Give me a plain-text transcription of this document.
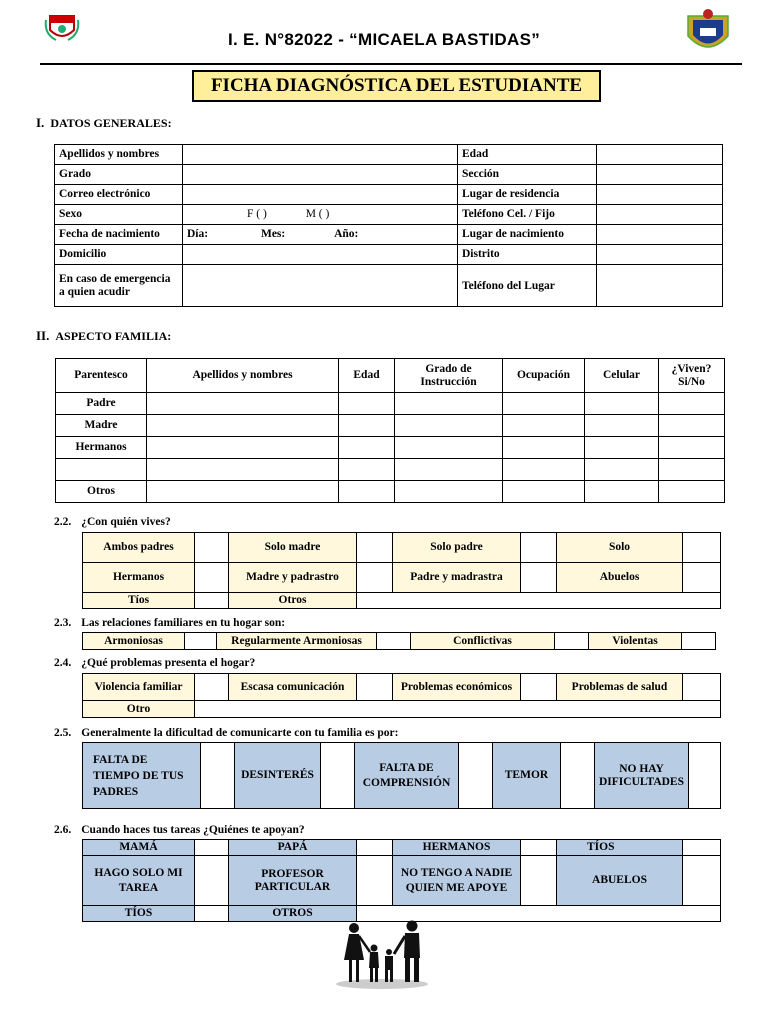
I. E. N°82022 - “MICAELA BASTIDAS”
FICHA DIAGNÓSTICA DEL ESTUDIANTE
I. DATOS GENERALES:
Apellidos y nombres		Edad	
Grado		Sección	
Correo electrónico		Lugar de residencia	
Sexo	F ( ) M ( )	Teléfono Cel. / Fijo	
Fecha de nacimiento	Día: Mes: Año:	Lugar de nacimiento	
Domicilio		Distrito	
En caso de emergencia a quien acudir		Teléfono del Lugar	
II. ASPECTO FAMILIA:
Parentesco	Apellidos y nombres	Edad	Grado de Instrucción	Ocupación	Celular	¿Viven? Si/No
Padre						
Madre						
Hermanos						

Otros						
2.2. ¿Con quién vives?
Ambos padres		Solo madre		Solo padre		Solo	
Hermanos		Madre y padrastro		Padre y madrastra		Abuelos	
Tíos		Otros					
2.3. Las relaciones familiares en tu hogar son:
Armoniosas		Regularmente Armoniosas		Conflictivas		Violentas	
2.4. ¿Qué problemas presenta el hogar?
Violencia familiar		Escasa comunicación		Problemas económicos		Problemas de salud	
Otro							
2.5. Generalmente la dificultad de comunicarte con tu familia es por:
FALTA DE TIEMPO DE TUS PADRES		DESINTERÉS		FALTA DE COMPRENSIÓN		TEMOR		NO HAY DIFICULTADES	
2.6. Cuando haces tus tareas ¿Quiénes te apoyan?
MAMÁ		PAPÁ		HERMANOS		TÍOS	
HAGO SOLO MI TAREA		PROFESOR PARTICULAR		NO TENGO A NADIE QUIEN ME APOYE		ABUELOS	
TÍOS		OTROS					
